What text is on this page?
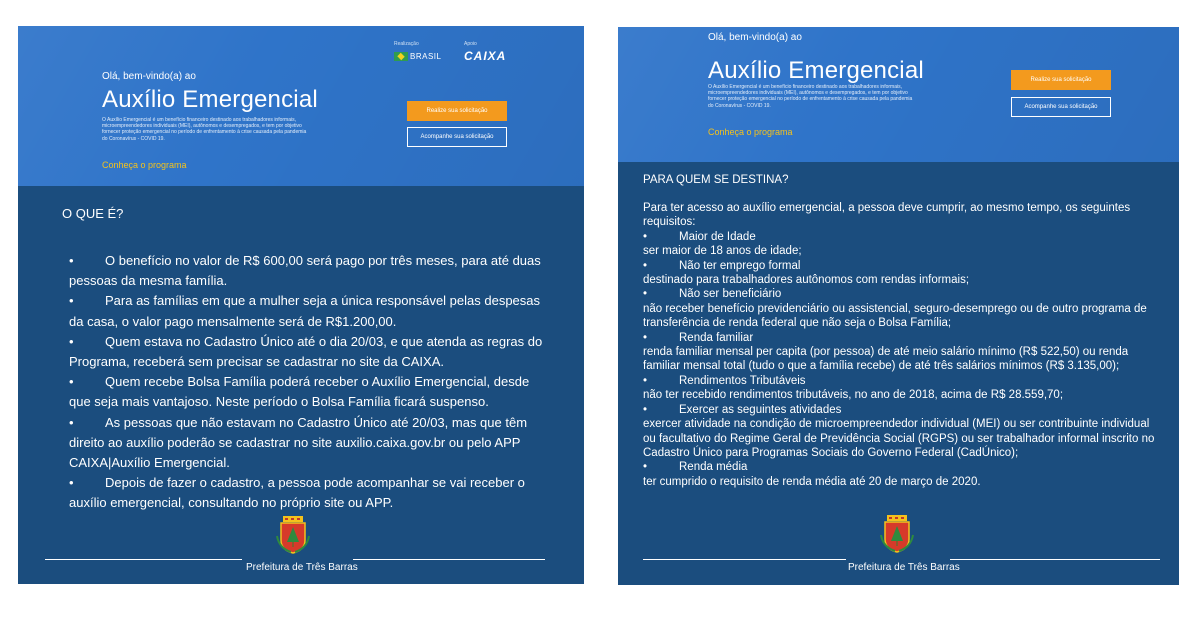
Olá, bem-vindo(a) ao
Auxílio Emergencial
O Auxílio Emergencial é um benefício financeiro destinado aos trabalhadores informais, microempreendedores individuais (MEI), autônomos e desempregados, e tem por objetivo fornecer proteção emergencial no período de enfrentamento à crise causada pela pandemia do Coronavírus - COVID 19.
Conheça o programa
Realização
BRASIL
Apoio
CAIXA
Realize sua solicitação
Acompanhe sua solicitação
O QUE É?

• O benefício no valor de R$ 600,00 será pago por três meses, para até duas pessoas da mesma família.

• Para as famílias em que a mulher seja a única responsável pelas despesas da casa, o valor pago mensalmente será de R$1.200,00.

• Quem estava no Cadastro Único até o dia 20/03, e que atenda as regras do Programa, receberá sem precisar se cadastrar no site da CAIXA.

• Quem recebe Bolsa Família poderá receber o Auxílio Emergencial, desde que seja mais vantajoso. Neste período o Bolsa Família ficará suspenso.

• As pessoas que não estavam no Cadastro Único até 20/03, mas que têm direito ao auxílio poderão se cadastrar no site auxilio.caixa.gov.br ou pelo APP CAIXA|Auxílio Emergencial.

• Depois de fazer o cadastro, a pessoa pode acompanhar se vai receber o auxílio emergencial, consultando no próprio site ou APP.

Prefeitura de Três Barras
Olá, bem-vindo(a) ao
Auxílio Emergencial
O Auxílio Emergencial é um benefício financeiro destinado aos trabalhadores informais, microempreendedores individuais (MEI), autônomos e desempregados, e tem por objetivo fornecer proteção emergencial no período de enfrentamento à crise causada pela pandemia do Coronavírus - COVID 19.
Conheça o programa
Realize sua solicitação
Acompanhe sua solicitação
PARA QUEM SE DESTINA?

Para ter acesso ao auxílio emergencial, a pessoa deve cumprir, ao mesmo tempo, os seguintes requisitos:

•	Maior de Idade
ser maior de 18 anos de idade;
•	Não ter emprego formal
destinado para trabalhadores autônomos com rendas informais;
•	Não ser beneficiário
não receber benefício previdenciário ou assistencial, seguro-desemprego ou de outro programa de transferência de renda federal que não seja o Bolsa Família;
•	Renda familiar
renda familiar mensal per capita (por pessoa) de até meio salário mínimo (R$ 522,50) ou renda familiar mensal total (tudo o que a família recebe) de até três salários mínimos (R$ 3.135,00);
•	Rendimentos Tributáveis
não ter recebido rendimentos tributáveis, no ano de 2018, acima de R$ 28.559,70;
•	Exercer as seguintes atividades
exercer atividade na condição de microempreendedor individual (MEI) ou ser contribuinte individual ou facultativo do Regime Geral de Previdência Social (RGPS) ou ser trabalhador informal inscrito no Cadastro Único para Programas Sociais do Governo Federal (CadÚnico);
•	Renda média
ter cumprido o requisito de renda média até 20 de março de 2020.
Prefeitura de Três Barras
